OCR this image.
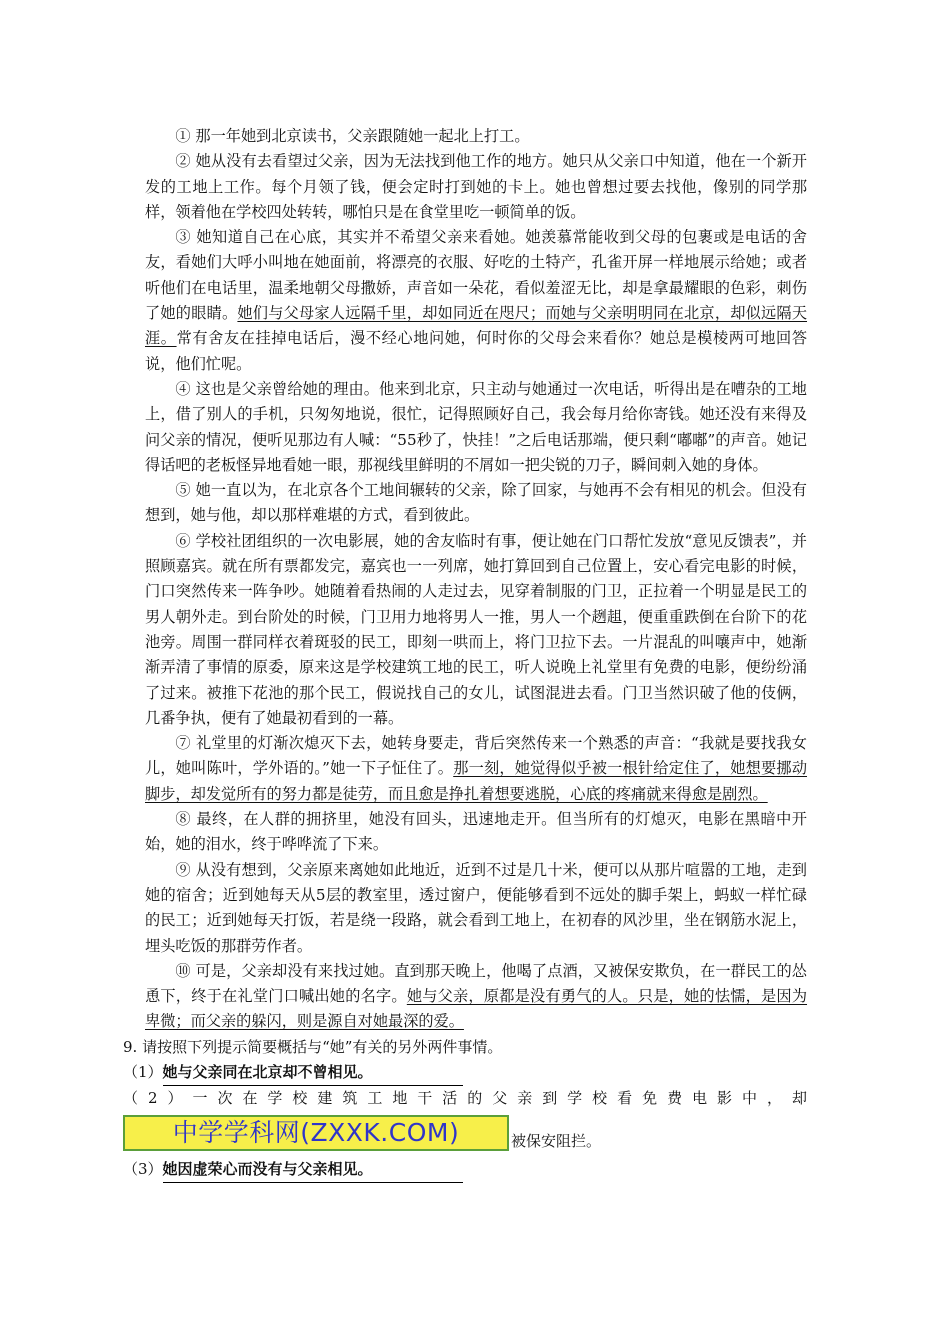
① 那一年她到北京读书，父亲跟随她一起北上打工。

② 她从没有去看望过父亲，因为无法找到他工作的地方。她只从父亲口中知道，他在一个新开发的工地上工作。每个月领了钱，便会定时打到她的卡上。她也曾想过要去找他，像别的同学那样，领着他在学校四处转转，哪怕只是在食堂里吃一顿简单的饭。

③ 她知道自己在心底，其实并不希望父亲来看她。她羡慕常能收到父母的包裹或是电话的舍友，看她们大呼小叫地在她面前，将漂亮的衣服、好吃的土特产，孔雀开屏一样地展示给她；或者听他们在电话里，温柔地朝父母撒娇，声音如一朵花，看似羞涩无比，却是拿最耀眼的色彩，刺伤了她的眼睛。她们与父母家人远隔千里，却如同近在咫尺；而她与父亲明明同在北京，却似远隔天涯。常有舍友在挂掉电话后，漫不经心地问她，何时你的父母会来看你？她总是模棱两可地回答说，他们忙呢。

④ 这也是父亲曾给她的理由。他来到北京，只主动与她通过一次电话，听得出是在嘈杂的工地上，借了别人的手机，只匆匆地说，很忙，记得照顾好自己，我会每月给你寄钱。她还没有来得及问父亲的情况，便听见那边有人喊：“55秒了，快挂！”之后电话那端，便只剩“嘟嘟”的声音。她记得话吧的老板怪异地看她一眼，那视线里鲜明的不屑如一把尖锐的刀子，瞬间刺入她的身体。

⑤ 她一直以为，在北京各个工地间辗转的父亲，除了回家，与她再不会有相见的机会。但没有想到，她与他，却以那样难堪的方式，看到彼此。

⑥ 学校社团组织的一次电影展，她的舍友临时有事，便让她在门口帮忙发放“意见反馈表”，并照顾嘉宾。就在所有票都发完，嘉宾也一一列席，她打算回到自己位置上，安心看完电影的时候，门口突然传来一阵争吵。她随着看热闹的人走过去，见穿着制服的门卫，正拉着一个明显是民工的男人朝外走。到台阶处的时候，门卫用力地将男人一推，男人一个趔趄，便重重跌倒在台阶下的花池旁。周围一群同样衣着斑驳的民工，即刻一哄而上，将门卫拉下去。一片混乱的叫嚷声中，她渐渐弄清了事情的原委，原来这是学校建筑工地的民工，听人说晚上礼堂里有免费的电影，便纷纷涌了过来。被推下花池的那个民工，假说找自己的女儿，试图混进去看。门卫当然识破了他的伎俩，几番争执，便有了她最初看到的一幕。

⑦ 礼堂里的灯渐次熄灭下去，她转身要走，背后突然传来一个熟悉的声音：“我就是要找我女儿，她叫陈叶，学外语的。”她一下子怔住了。那一刻，她觉得似乎被一根针给定住了，她想要挪动脚步，却发觉所有的努力都是徒劳，而且愈是挣扎着想要逃脱，心底的疼痛就来得愈是剧烈。

⑧ 最终，在人群的拥挤里，她没有回头，迅速地走开。但当所有的灯熄灭，电影在黑暗中开始，她的泪水，终于哗哗流了下来。

⑨ 从没有想到，父亲原来离她如此地近，近到不过是几十米，便可以从那片喧嚣的工地，走到她的宿舍；近到她每天从5层的教室里，透过窗户，便能够看到不远处的脚手架上，蚂蚁一样忙碌的民工；近到她每天打饭，若是绕一段路，就会看到工地上，在初春的风沙里，坐在钢筋水泥上，埋头吃饭的那群劳作者。

⑩ 可是，父亲却没有来找过她。直到那天晚上，他喝了点酒，又被保安欺负，在一群民工的怂恿下，终于在礼堂门口喊出她的名字。她与父亲，原都是没有勇气的人。只是，她的怯懦，是因为卑微；而父亲的躲闪，则是源自对她最深的爱。

9. 请按照下列提示简要概括与“她”有关的另外两件事情。

（1）她与父亲同在北京却不曾相见。

（2）一次在学校建筑工地干活的父亲到学校看免费电影中，却

中学学科网(ZXXK.COM)	被保安阻拦。

（3）她因虚荣心而没有与父亲相见。
